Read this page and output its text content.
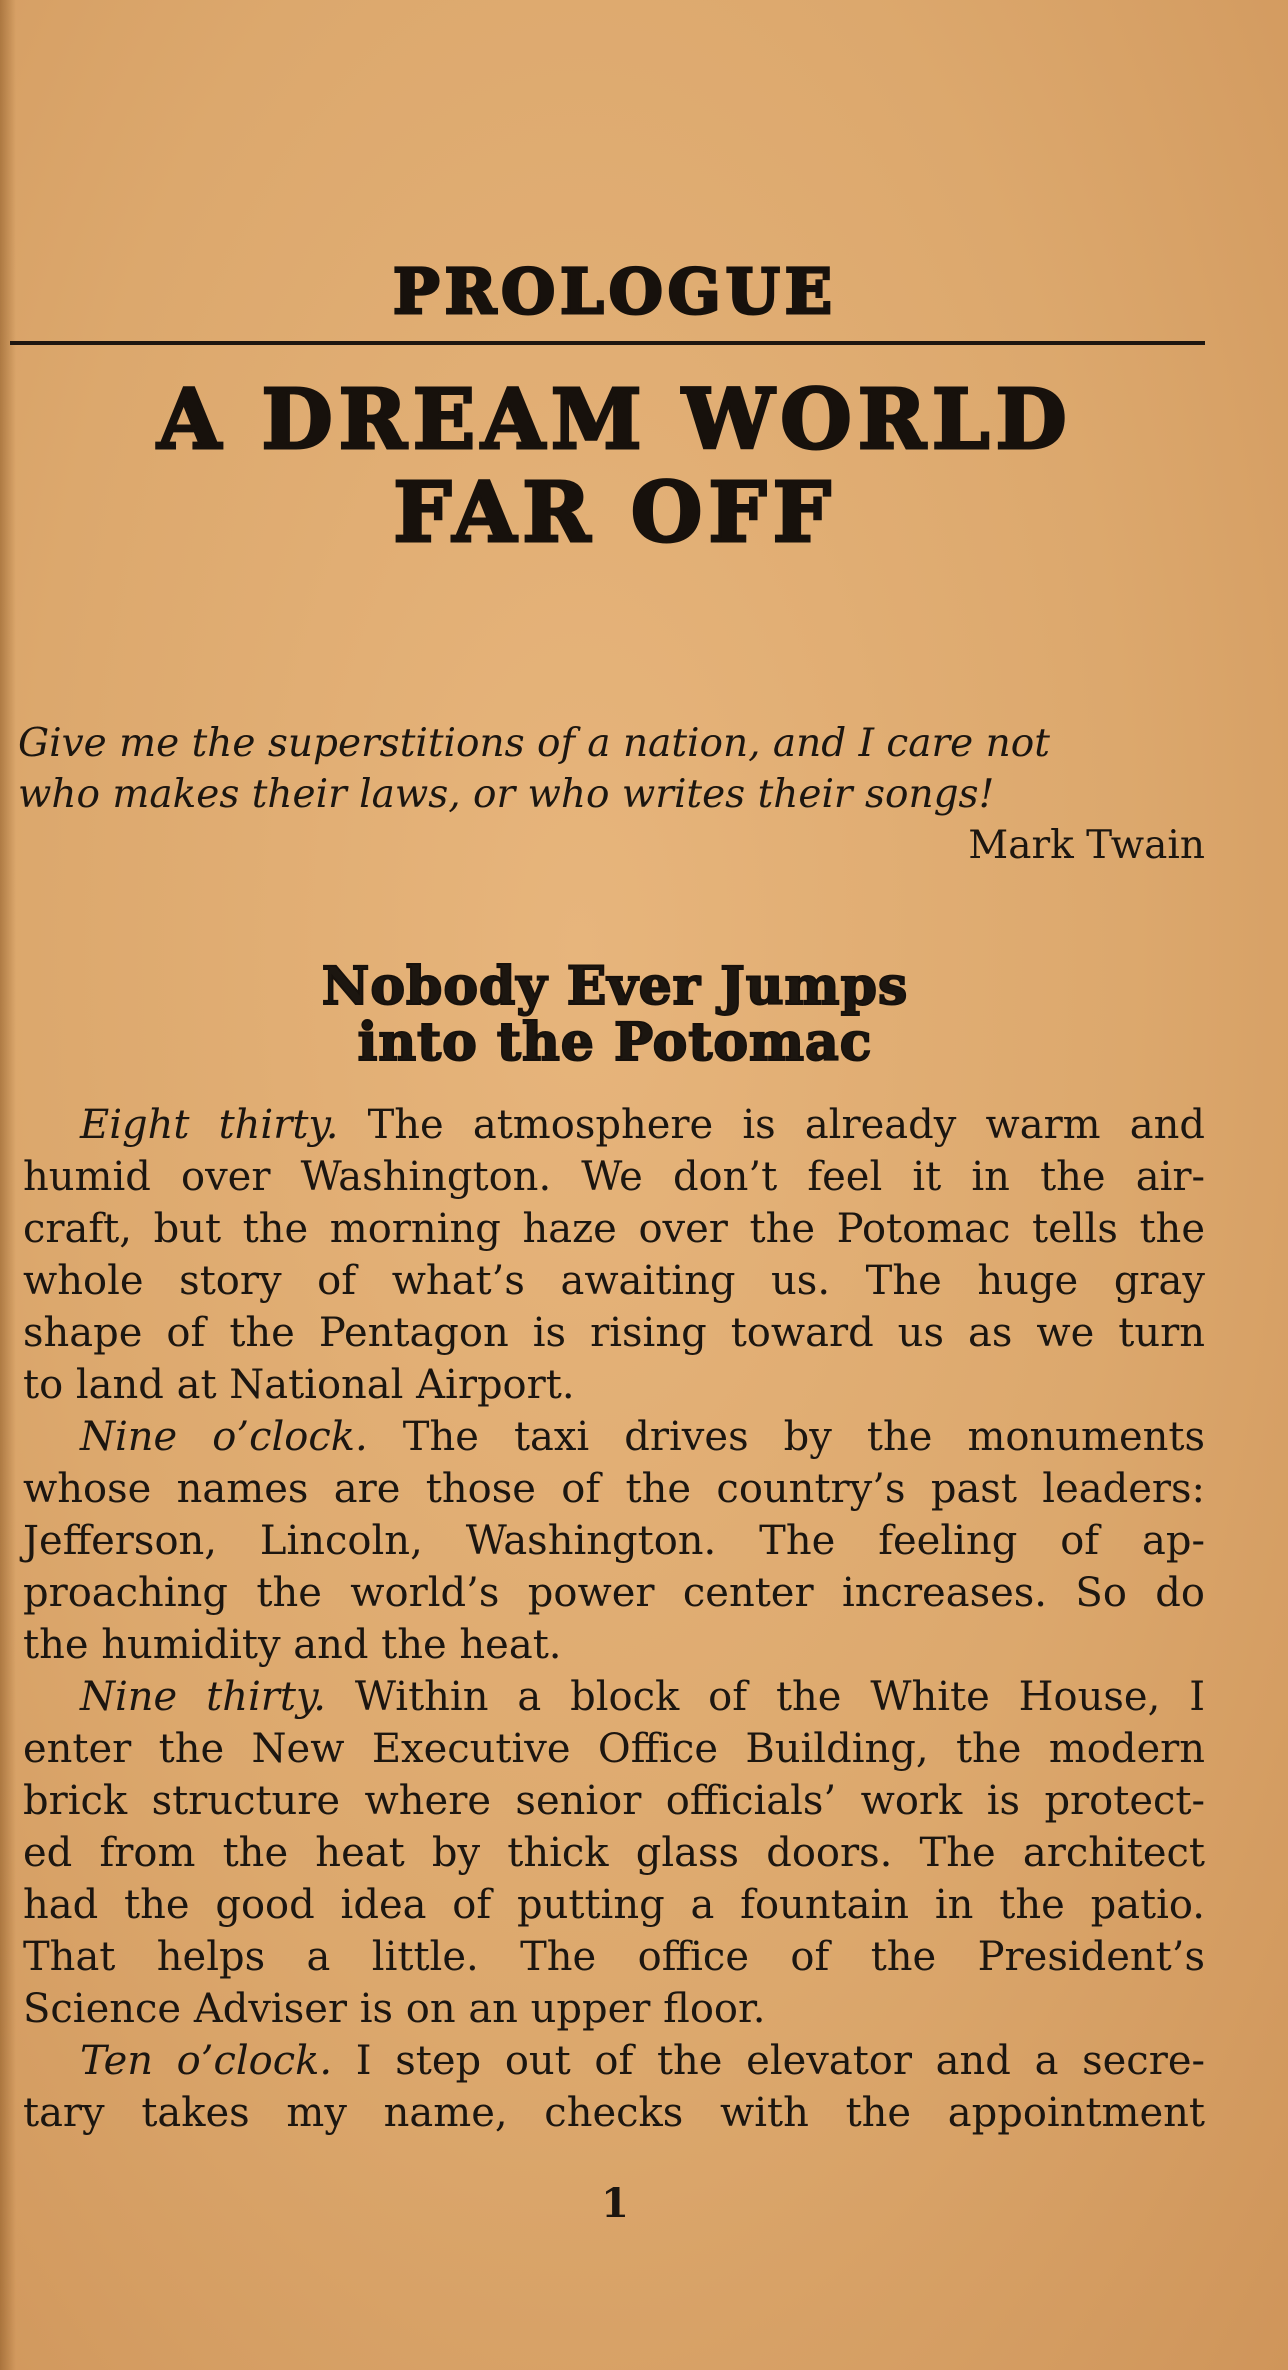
PROLOGUE
A DREAM WORLD
FAR OFF

Give me the superstitions of a nation, and I care not

who makes their laws, or who writes their songs!

Mark Twain

Nobody Ever Jumps
into the Potomac

Eight thirty. The atmosphere is already warm and

humid over Washington. We don’t feel it in the air-

craft, but the morning haze over the Potomac tells the

whole story of what’s awaiting us. The huge gray

shape of the Pentagon is rising toward us as we turn

to land at National Airport.

Nine o’clock. The taxi drives by the monuments

whose names are those of the country’s past leaders:

Jefferson, Lincoln, Washington. The feeling of ap-

proaching the world’s power center increases. So do

the humidity and the heat.

Nine thirty. Within a block of the White House, I

enter the New Executive Office Building, the modern

brick structure where senior officials’ work is protect-

ed from the heat by thick glass doors. The architect

had the good idea of putting a fountain in the patio.

That helps a little. The office of the President’s

Science Adviser is on an upper floor.

Ten o’clock. I step out of the elevator and a secre-

tary takes my name, checks with the appointment

1
